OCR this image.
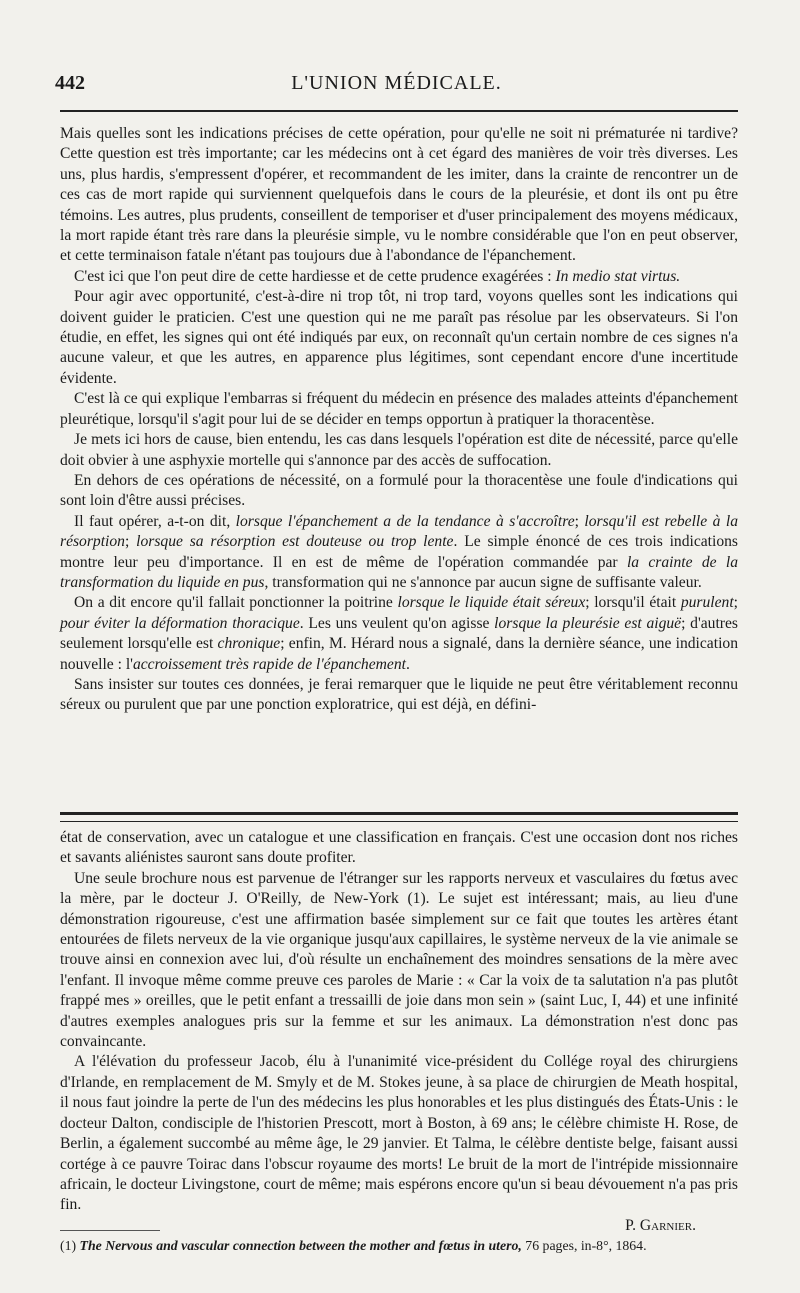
442	L'UNION MÉDICALE.

Mais quelles sont les indications précises de cette opération, pour qu'elle ne soit ni prématurée ni tardive? Cette question est très importante; car les médecins ont à cet égard des manières de voir très diverses. Les uns, plus hardis, s'empressent d'opérer, et recommandent de les imiter, dans la crainte de rencontrer un de ces cas de mort rapide qui surviennent quelquefois dans le cours de la pleurésie, et dont ils ont pu être témoins. Les autres, plus prudents, conseillent de temporiser et d'user principalement des moyens médicaux, la mort rapide étant très rare dans la pleurésie simple, vu le nombre considérable que l'on en peut observer, et cette terminaison fatale n'étant pas toujours due à l'abondance de l'épanchement.

C'est ici que l'on peut dire de cette hardiesse et de cette prudence exagérées : In medio stat virtus.

Pour agir avec opportunité, c'est-à-dire ni trop tôt, ni trop tard, voyons quelles sont les indications qui doivent guider le praticien. C'est une question qui ne me paraît pas résolue par les observateurs. Si l'on étudie, en effet, les signes qui ont été indiqués par eux, on reconnaît qu'un certain nombre de ces signes n'a aucune valeur, et que les autres, en apparence plus légitimes, sont cependant encore d'une incertitude évidente.

C'est là ce qui explique l'embarras si fréquent du médecin en présence des malades atteints d'épanchement pleurétique, lorsqu'il s'agit pour lui de se décider en temps opportun à pratiquer la thoracentèse.

Je mets ici hors de cause, bien entendu, les cas dans lesquels l'opération est dite de nécessité, parce qu'elle doit obvier à une asphyxie mortelle qui s'annonce par des accès de suffocation.

En dehors de ces opérations de nécessité, on a formulé pour la thoracentèse une foule d'indications qui sont loin d'être aussi précises.

Il faut opérer, a-t-on dit, lorsque l'épanchement a de la tendance à s'accroître; lorsqu'il est rebelle à la résorption; lorsque sa résorption est douteuse ou trop lente. Le simple énoncé de ces trois indications montre leur peu d'importance. Il en est de même de l'opération commandée par la crainte de la transformation du liquide en pus, transformation qui ne s'annonce par aucun signe de suffisante valeur.

On a dit encore qu'il fallait ponctionner la poitrine lorsque le liquide était séreux; lorsqu'il était purulent; pour éviter la déformation thoracique. Les uns veulent qu'on agisse lorsque la pleurésie est aiguë; d'autres seulement lorsqu'elle est chronique; enfin, M. Hérard nous a signalé, dans la dernière séance, une indication nouvelle : l'accroissement très rapide de l'épanchement.

Sans insister sur toutes ces données, je ferai remarquer que le liquide ne peut être véritablement reconnu séreux ou purulent que par une ponction exploratrice, qui est déjà, en défini-

état de conservation, avec un catalogue et une classification en français. C'est une occasion dont nos riches et savants aliénistes sauront sans doute profiter.

Une seule brochure nous est parvenue de l'étranger sur les rapports nerveux et vasculaires du fœtus avec la mère, par le docteur J. O'Reilly, de New-York (1). Le sujet est intéressant; mais, au lieu d'une démonstration rigoureuse, c'est une affirmation basée simplement sur ce fait que toutes les artères étant entourées de filets nerveux de la vie organique jusqu'aux capillaires, le système nerveux de la vie animale se trouve ainsi en connexion avec lui, d'où résulte un enchaînement des moindres sensations de la mère avec l'enfant. Il invoque même comme preuve ces paroles de Marie : « Car la voix de ta salutation n'a pas plutôt frappé mes » oreilles, que le petit enfant a tressailli de joie dans mon sein » (saint Luc, I, 44) et une infinité d'autres exemples analogues pris sur la femme et sur les animaux. La démonstration n'est donc pas convaincante.

A l'élévation du professeur Jacob, élu à l'unanimité vice-président du Collége royal des chirurgiens d'Irlande, en remplacement de M. Smyly et de M. Stokes jeune, à sa place de chirurgien de Meath hospital, il nous faut joindre la perte de l'un des médecins les plus honorables et les plus distingués des États-Unis : le docteur Dalton, condisciple de l'historien Prescott, mort à Boston, à 69 ans; le célèbre chimiste H. Rose, de Berlin, a également succombé au même âge, le 29 janvier. Et Talma, le célèbre dentiste belge, faisant aussi cortége à ce pauvre Toirac dans l'obscur royaume des morts! Le bruit de la mort de l'intrépide missionnaire africain, le docteur Livingstone, court de même; mais espérons encore qu'un si beau dévouement n'a pas pris fin.

P. Garnier.
(1) The Nervous and vascular connection between the mother and fœtus in utero, 76 pages, in-8°, 1864.
